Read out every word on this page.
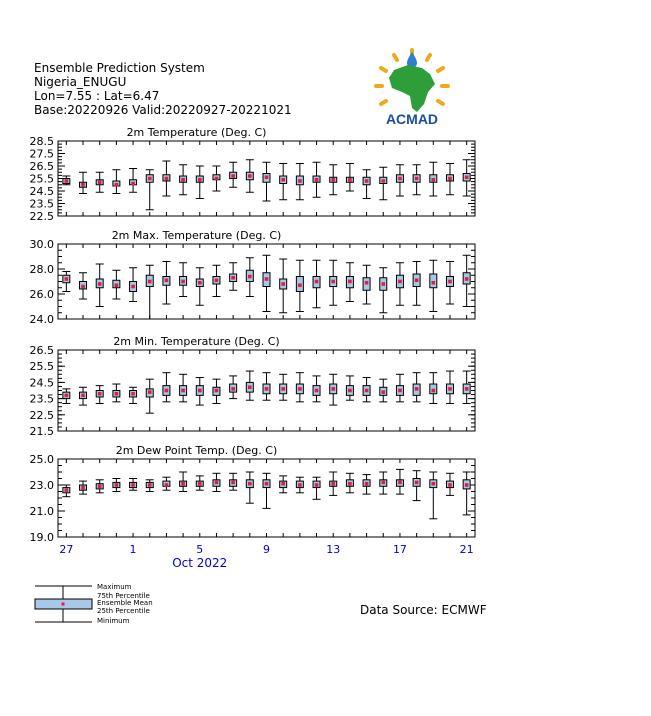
Ensemble Prediction System
Nigeria_ENUGU
Lon=7.55 : Lat=6.47
Base:20220926 Valid:20220927-20221021
ACMAD
2m Temperature (Deg. C)
22.5
23.5
24.5
25.5
26.5
27.5
28.5
2m Max. Temperature (Deg. C)
24.0
26.0
28.0
30.0
2m Min. Temperature (Deg. C)
21.5
22.5
23.5
24.5
25.5
26.5
2m Dew Point Temp. (Deg. C)
19.0
21.0
23.0
25.0
27	1	5	9	13	17	21
Oct 2022
Maximum
75th Percentile
Ensemble Mean
25th Percentile
Minimum
Data Source: ECMWF
